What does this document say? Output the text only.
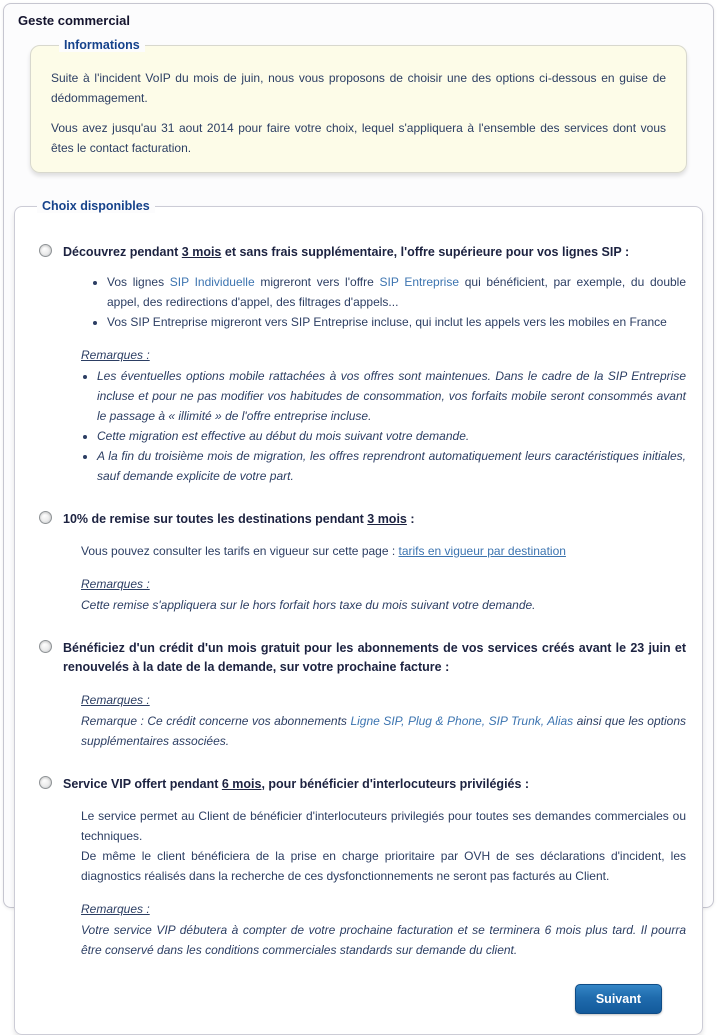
Geste commercial
Informations

Suite à l'incident VoIP du mois de juin, nous vous proposons de choisir une des options ci-dessous en guise de dédommagement.

Vous avez jusqu'au 31 aout 2014 pour faire votre choix, lequel s'appliquera à l'ensemble des services dont vous êtes le contact facturation.

Choix disponibles
Découvrez pendant 3 mois et sans frais supplémentaire, l'offre supérieure pour vos lignes SIP :
• Vos lignes SIP Individuelle migreront vers l'offre SIP Entreprise qui bénéficient, par exemple, du double appel, des redirections d'appel, des filtrages d'appels...
• Vos SIP Entreprise migreront vers SIP Entreprise incluse, qui inclut les appels vers les mobiles en France
Remarques :
• Les éventuelles options mobile rattachées à vos offres sont maintenues. Dans le cadre de la SIP Entreprise incluse et pour ne pas modifier vos habitudes de consommation, vos forfaits mobile seront consommés avant le passage à « illimité » de l'offre entreprise incluse.
• Cette migration est effective au début du mois suivant votre demande.
• A la fin du troisième mois de migration, les offres reprendront automatiquement leurs caractéristiques initiales, sauf demande explicite de votre part.
10% de remise sur toutes les destinations pendant 3 mois :
Vous pouvez consulter les tarifs en vigueur sur cette page : tarifs en vigueur par destination
Remarques :

Cette remise s'appliquera sur le hors forfait hors taxe du mois suivant votre demande.

Bénéficiez d'un crédit d'un mois gratuit pour les abonnements de vos services créés avant le 23 juin et renouvelés à la date de la demande, sur votre prochaine facture :
Remarques :

Remarque : Ce crédit concerne vos abonnements Ligne SIP, Plug & Phone, SIP Trunk, Alias ainsi que les options supplémentaires associées.

Service VIP offert pendant 6 mois, pour bénéficier d'interlocuteurs privilégiés :
Le service permet au Client de bénéficier d'interlocuteurs privilegiés pour toutes ses demandes commerciales ou techniques.
De même le client bénéficiera de la prise en charge prioritaire par OVH de ses déclarations d'incident, les diagnostics réalisés dans la recherche de ces dysfonctionnements ne seront pas facturés au Client.
Remarques :

Votre service VIP débutera à compter de votre prochaine facturation et se terminera 6 mois plus tard. Il pourra être conservé dans les conditions commerciales standards sur demande du client.

Suivant
